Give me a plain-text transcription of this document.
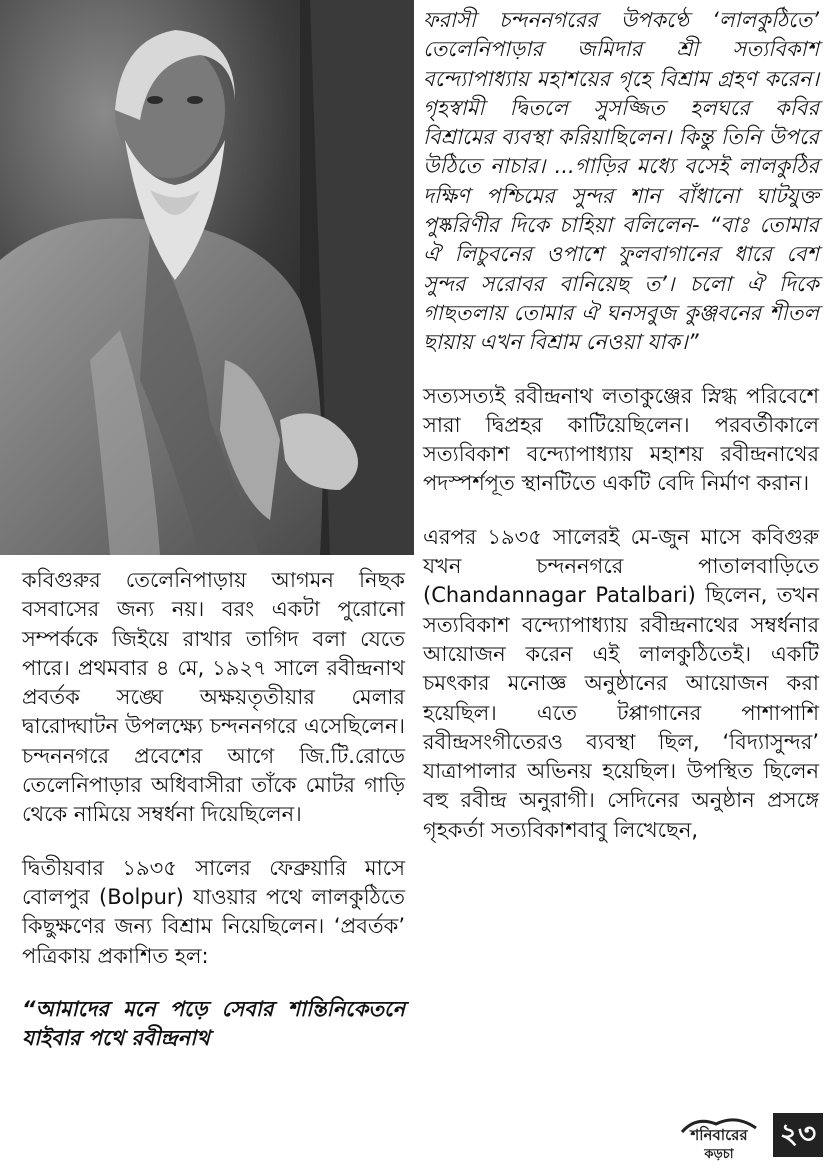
ফরাসী চন্দননগরের উপকণ্ঠে ‘লালকুঠিতে’ তেলেনিপাড়ার জমিদার শ্রী সত্যবিকাশ বন্দ্যোপাধ্যায় মহাশয়ের গৃহে বিশ্রাম গ্রহণ করেন। গৃহস্বামী দ্বিতলে সুসজ্জিত হলঘরে কবির বিশ্রামের ব্যবস্থা করিয়াছিলেন। কিন্তু তিনি উপরে উঠিতে নাচার। ...গাড়ির মধ্যে বসেই লালকুঠির দক্ষিণ পশ্চিমের সুন্দর শান বাঁধানো ঘাটযুক্ত পুষ্করিণীর দিকে চাহিয়া বলিলেন- “বাঃ তোমার ঐ লিচুবনের ওপাশে ফুলবাগানের ধারে বেশ সুন্দর সরোবর বানিয়েছ ত’। চলো ঐ দিকে গাছতলায় তোমার ঐ ঘনসবুজ কুঞ্জবনের শীতল ছায়ায় এখন বিশ্রাম নেওয়া যাক।”

সত্যসত্যই রবীন্দ্রনাথ লতাকুঞ্জের স্নিগ্ধ পরিবেশে সারা দ্বিপ্রহর কাটিয়েছিলেন। পরবর্তীকালে সত্যবিকাশ বন্দ্যোপাধ্যায় মহাশয় রবীন্দ্রনাথের পদস্পর্শপূত স্থানটিতে একটি বেদি নির্মাণ করান।

এরপর ১৯৩৫ সালেরই মে-জুন মাসে কবিগুরু যখন চন্দননগরে পাতালবাড়িতে (Chandannagar Patalbari) ছিলেন, তখন সত্যবিকাশ বন্দ্যোপাধ্যায় রবীন্দ্রনাথের সম্বর্ধনার আয়োজন করেন এই লালকুঠিতেই। একটি চমৎকার মনোজ্ঞ অনুষ্ঠানের আয়োজন করা হয়েছিল। এতে টপ্পাগানের পাশাপাশি রবীন্দ্রসংগীতেরও ব্যবস্থা ছিল, ‘বিদ্যাসুন্দর’ যাত্রাপালার অভিনয় হয়েছিল। উপস্থিত ছিলেন বহু রবীন্দ্র অনুরাগী। সেদিনের অনুষ্ঠান প্রসঙ্গে গৃহকর্তা সত্যবিকাশবাবু লিখেছেন,

কবিগুরুর তেলেনিপাড়ায় আগমন নিছক বসবাসের জন্য নয়। বরং একটা পুরোনো সম্পর্ককে জিইয়ে রাখার তাগিদ বলা যেতে পারে। প্রথমবার ৪ মে, ১৯২৭ সালে রবীন্দ্রনাথ প্রবর্তক সঙ্ঘে অক্ষয়তৃতীয়ার মেলার দ্বারোদ্ঘাটন উপলক্ষ্যে চন্দননগরে এসেছিলেন। চন্দননগরে প্রবেশের আগে জি.টি.রোডে তেলেনিপাড়ার অধিবাসীরা তাঁকে মোটর গাড়ি থেকে নামিয়ে সম্বর্ধনা দিয়েছিলেন।

দ্বিতীয়বার ১৯৩৫ সালের ফেব্রুয়ারি মাসে বোলপুর (Bolpur) যাওয়ার পথে লালকুঠিতে কিছুক্ষণের জন্য বিশ্রাম নিয়েছিলেন। ‘প্রবর্তক’ পত্রিকায় প্রকাশিত হল:

“আমাদের মনে পড়ে সেবার শান্তিনিকেতনে যাইবার পথে রবীন্দ্রনাথ

শনিবারের
কড়চা
২৩
